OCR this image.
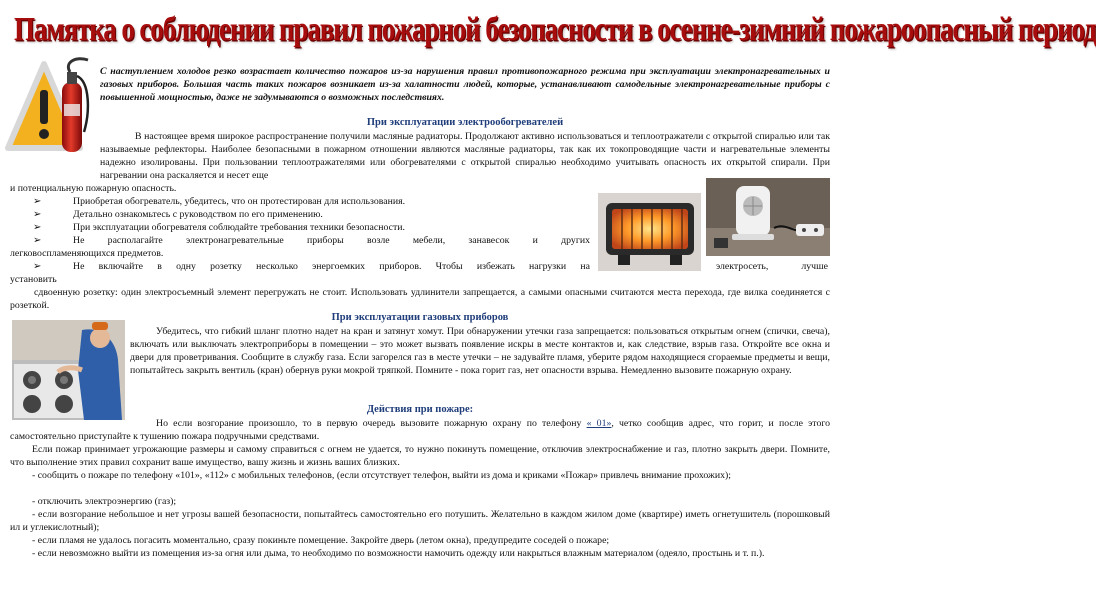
Памятка о соблюдении правил пожарной безопасности в осенне-зимний пожароопасный период
С наступлением холодов резко возрастает количество пожаров из-за нарушения правил противопожарного режима при эксплуатации электронагревательных и газовых приборов. Большая часть таких пожаров возникает из-за халатности людей, которые, устанавливают самодельные электронагревательные приборы с повышенной мощностью, даже не задумываются о возможных последствиях.
При эксплуатации электрообогревателей
В настоящее время широкое распространение получили масляные радиаторы. Продолжают активно использоваться и теплоотражатели с открытой спиралью или так называемые рефлекторы. Наиболее безопасными в пожарном отношении являются масляные радиаторы, так как их токопроводящие части и нагревательные элементы надежно изолированы. При пользовании теплоотражателями или обогревателями с открытой спиралью необходимо учитывать опасность их открытой спирали. При нагревании она раскаляется и несет еще
и потенциальную пожарную опасность.
➢	Приобретая обогреватель, убедитесь, что он протестирован для использования.
➢	Детально ознакомьтесь с руководством по его применению.
➢	При эксплуатации обогревателя соблюдайте требования техники безопасности.
➢	Не располагайте электронагревательные приборы возле мебели, занавесок и других
легковоспламеняющихся предметов.
➢	Не включайте в одну розетку несколько энергоемких приборов. Чтобы избежать нагрузки на	электросеть, лучше
установить
сдвоенную розетку: один электросъемный элемент перегружать не стоит. Использовать удлинители запрещается, а самыми опасными считаются места перехода, где вилка соединяется с розеткой.
При эксплуатации газовых приборов
Убедитесь, что гибкий шланг плотно надет на кран и затянут хомут. При обнаружении утечки газа запрещается: пользоваться открытым огнем (спички, свеча), включать или выключать электроприборы в помещении – это может вызвать появление искры в месте контактов и, как следствие, взрыв газа. Откройте все окна и двери для проветривания. Сообщите в службу газа. Если загорелся газ в месте утечки – не задувайте пламя, уберите рядом находящиеся сгораемые предметы и вещи, попытайтесь закрыть вентиль (кран) обернув руки мокрой тряпкой. Помните - пока горит газ, нет опасности взрыва. Немедленно вызовите пожарную охрану.
Действия при пожаре:
Но если возгорание произошло, то в первую очередь вызовите пожарную охрану по телефону « 01», четко сообщив адрес, что горит, и после этого самостоятельно приступайте к тушению пожара подручными средствами.
Если пожар принимает угрожающие размеры и самому справиться с огнем не удается, то нужно покинуть помещение, отключив электроснабжение и газ, плотно закрыть двери. Помните, что выполнение этих правил сохранит ваше имущество, вашу жизнь и жизнь ваших близких.
- сообщить о пожаре по телефону «101», «112» с мобильных телефонов, (если отсутствует телефон, выйти из дома и криками «Пожар» привлечь внимание прохожих);
- отключить электроэнергию (газ);
- если возгорание небольшое и нет угрозы вашей безопасности, попытайтесь самостоятельно его потушить. Желательно в каждом жилом доме (квартире) иметь огнетушитель (порошковый ил и углекислотный);
- если пламя не удалось погасить моментально, сразу покиньте помещение. Закройте дверь (летом окна), предупредите соседей о пожаре;
- если невозможно выйти из помещения из-за огня или дыма, то необходимо по возможности намочить одежду или накрыться влажным материалом (одеяло, простынь и т. п.).
